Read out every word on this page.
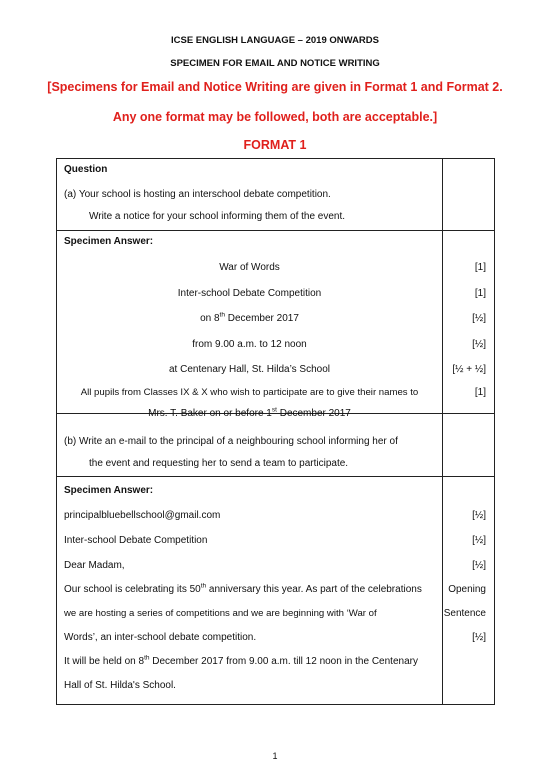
ICSE ENGLISH LANGUAGE – 2019 ONWARDS
SPECIMEN FOR EMAIL AND NOTICE WRITING
[Specimens for Email and Notice Writing are given in Format 1 and Format 2.
Any one format may be followed, both are acceptable.]
FORMAT 1
Question
(a) Your school is hosting an interschool debate competition.
Write a notice for your school informing them of the event.
Specimen Answer:
War of Words	[1]
Inter-school Debate Competition	[1]
on 8th December 2017	[½]
from 9.00 a.m. to 12 noon	[½]
at Centenary Hall, St. Hilda’s School	[½ + ½]
All pupils from Classes IX & X who wish to participate are to give their names to	[1]
Mrs. T. Baker on or before 1st December 2017
(b) Write an e-mail to the principal of a neighbouring school informing her of
the event and requesting her to send a team to participate.
Specimen Answer:
principalbluebellschool@gmail.com	[½]
Inter-school Debate Competition	[½]
Dear Madam,	[½]
Our school is celebrating its 50th anniversary this year. As part of the celebrations	Opening
we are hosting a series of competitions and we are beginning with ‘War of	Sentence
Words’, an inter-school debate competition.	[½]
It will be held on 8th December 2017 from 9.00 a.m. till 12 noon in the Centenary
Hall of St. Hilda's School.
1
